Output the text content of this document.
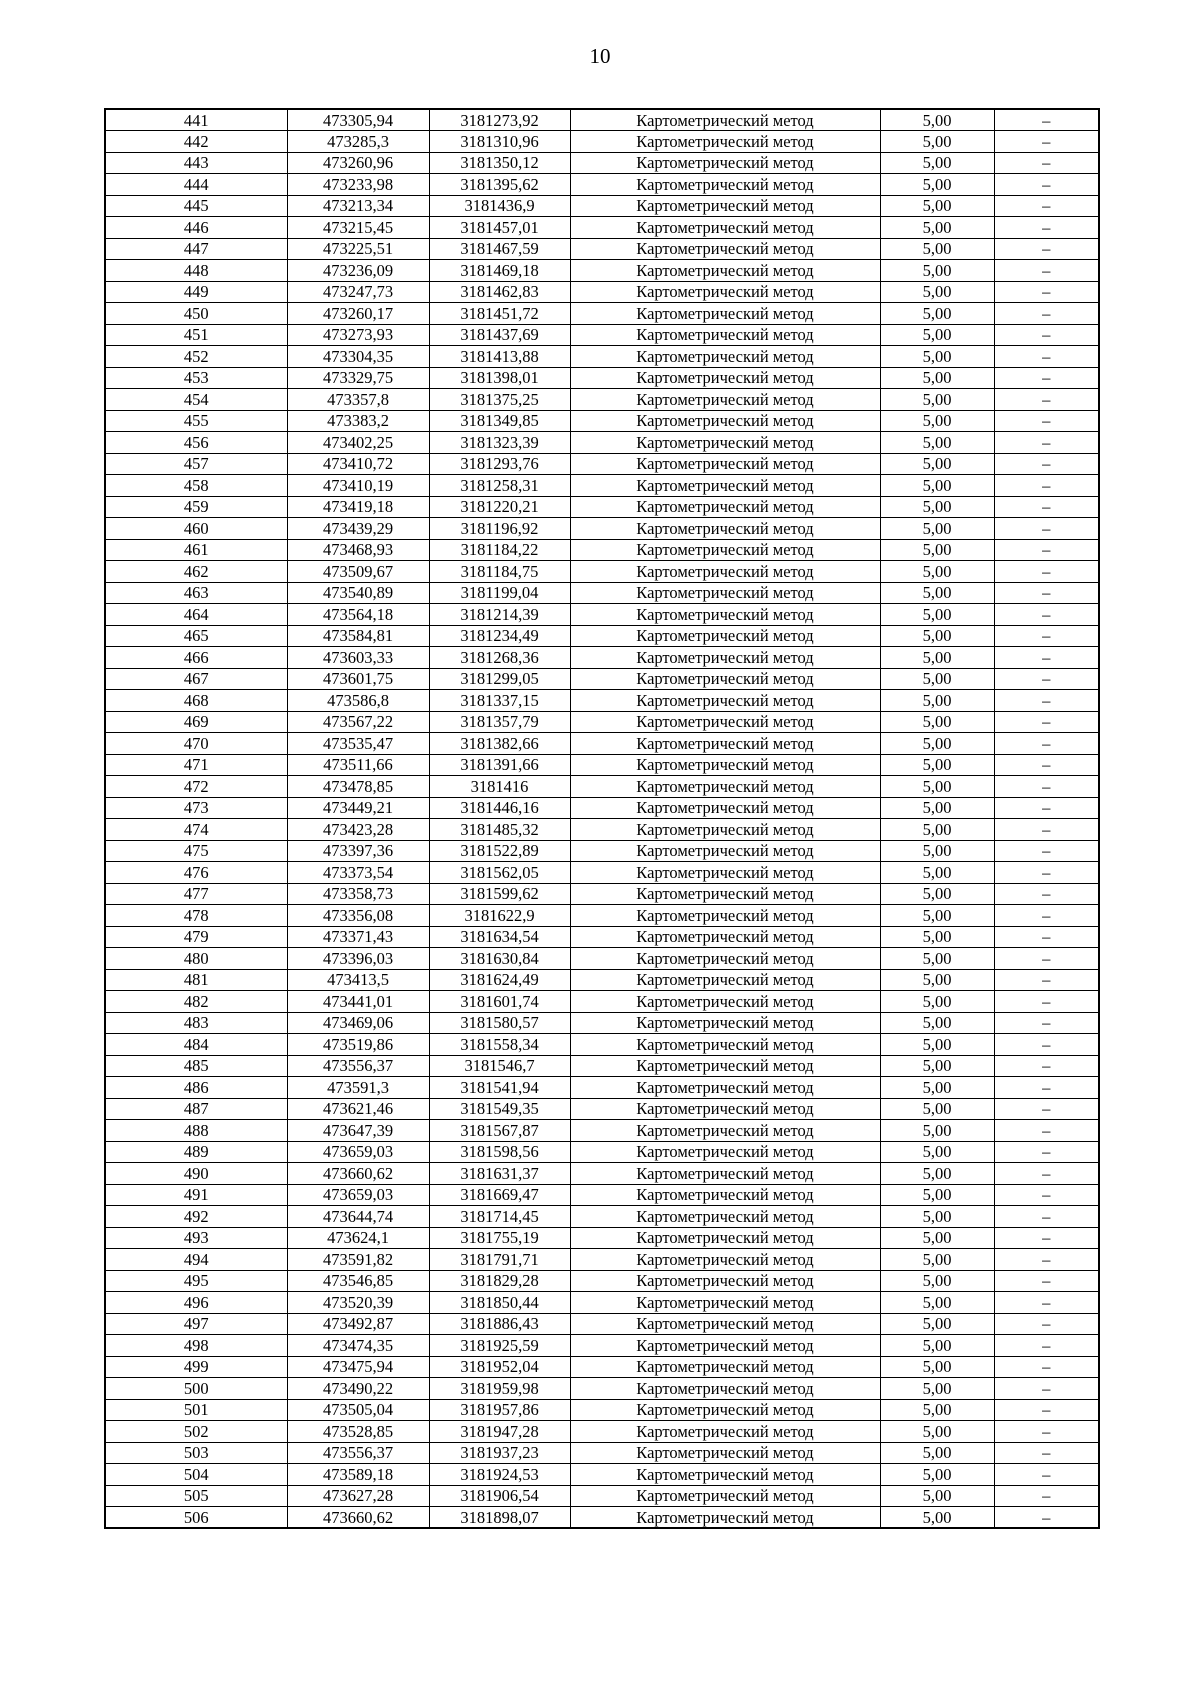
10
441	473305,94	3181273,92	Картометрический метод	5,00	–
442	473285,3	3181310,96	Картометрический метод	5,00	–
443	473260,96	3181350,12	Картометрический метод	5,00	–
444	473233,98	3181395,62	Картометрический метод	5,00	–
445	473213,34	3181436,9	Картометрический метод	5,00	–
446	473215,45	3181457,01	Картометрический метод	5,00	–
447	473225,51	3181467,59	Картометрический метод	5,00	–
448	473236,09	3181469,18	Картометрический метод	5,00	–
449	473247,73	3181462,83	Картометрический метод	5,00	–
450	473260,17	3181451,72	Картометрический метод	5,00	–
451	473273,93	3181437,69	Картометрический метод	5,00	–
452	473304,35	3181413,88	Картометрический метод	5,00	–
453	473329,75	3181398,01	Картометрический метод	5,00	–
454	473357,8	3181375,25	Картометрический метод	5,00	–
455	473383,2	3181349,85	Картометрический метод	5,00	–
456	473402,25	3181323,39	Картометрический метод	5,00	–
457	473410,72	3181293,76	Картометрический метод	5,00	–
458	473410,19	3181258,31	Картометрический метод	5,00	–
459	473419,18	3181220,21	Картометрический метод	5,00	–
460	473439,29	3181196,92	Картометрический метод	5,00	–
461	473468,93	3181184,22	Картометрический метод	5,00	–
462	473509,67	3181184,75	Картометрический метод	5,00	–
463	473540,89	3181199,04	Картометрический метод	5,00	–
464	473564,18	3181214,39	Картометрический метод	5,00	–
465	473584,81	3181234,49	Картометрический метод	5,00	–
466	473603,33	3181268,36	Картометрический метод	5,00	–
467	473601,75	3181299,05	Картометрический метод	5,00	–
468	473586,8	3181337,15	Картометрический метод	5,00	–
469	473567,22	3181357,79	Картометрический метод	5,00	–
470	473535,47	3181382,66	Картометрический метод	5,00	–
471	473511,66	3181391,66	Картометрический метод	5,00	–
472	473478,85	3181416	Картометрический метод	5,00	–
473	473449,21	3181446,16	Картометрический метод	5,00	–
474	473423,28	3181485,32	Картометрический метод	5,00	–
475	473397,36	3181522,89	Картометрический метод	5,00	–
476	473373,54	3181562,05	Картометрический метод	5,00	–
477	473358,73	3181599,62	Картометрический метод	5,00	–
478	473356,08	3181622,9	Картометрический метод	5,00	–
479	473371,43	3181634,54	Картометрический метод	5,00	–
480	473396,03	3181630,84	Картометрический метод	5,00	–
481	473413,5	3181624,49	Картометрический метод	5,00	–
482	473441,01	3181601,74	Картометрический метод	5,00	–
483	473469,06	3181580,57	Картометрический метод	5,00	–
484	473519,86	3181558,34	Картометрический метод	5,00	–
485	473556,37	3181546,7	Картометрический метод	5,00	–
486	473591,3	3181541,94	Картометрический метод	5,00	–
487	473621,46	3181549,35	Картометрический метод	5,00	–
488	473647,39	3181567,87	Картометрический метод	5,00	–
489	473659,03	3181598,56	Картометрический метод	5,00	–
490	473660,62	3181631,37	Картометрический метод	5,00	–
491	473659,03	3181669,47	Картометрический метод	5,00	–
492	473644,74	3181714,45	Картометрический метод	5,00	–
493	473624,1	3181755,19	Картометрический метод	5,00	–
494	473591,82	3181791,71	Картометрический метод	5,00	–
495	473546,85	3181829,28	Картометрический метод	5,00	–
496	473520,39	3181850,44	Картометрический метод	5,00	–
497	473492,87	3181886,43	Картометрический метод	5,00	–
498	473474,35	3181925,59	Картометрический метод	5,00	–
499	473475,94	3181952,04	Картометрический метод	5,00	–
500	473490,22	3181959,98	Картометрический метод	5,00	–
501	473505,04	3181957,86	Картометрический метод	5,00	–
502	473528,85	3181947,28	Картометрический метод	5,00	–
503	473556,37	3181937,23	Картометрический метод	5,00	–
504	473589,18	3181924,53	Картометрический метод	5,00	–
505	473627,28	3181906,54	Картометрический метод	5,00	–
506	473660,62	3181898,07	Картометрический метод	5,00	–
